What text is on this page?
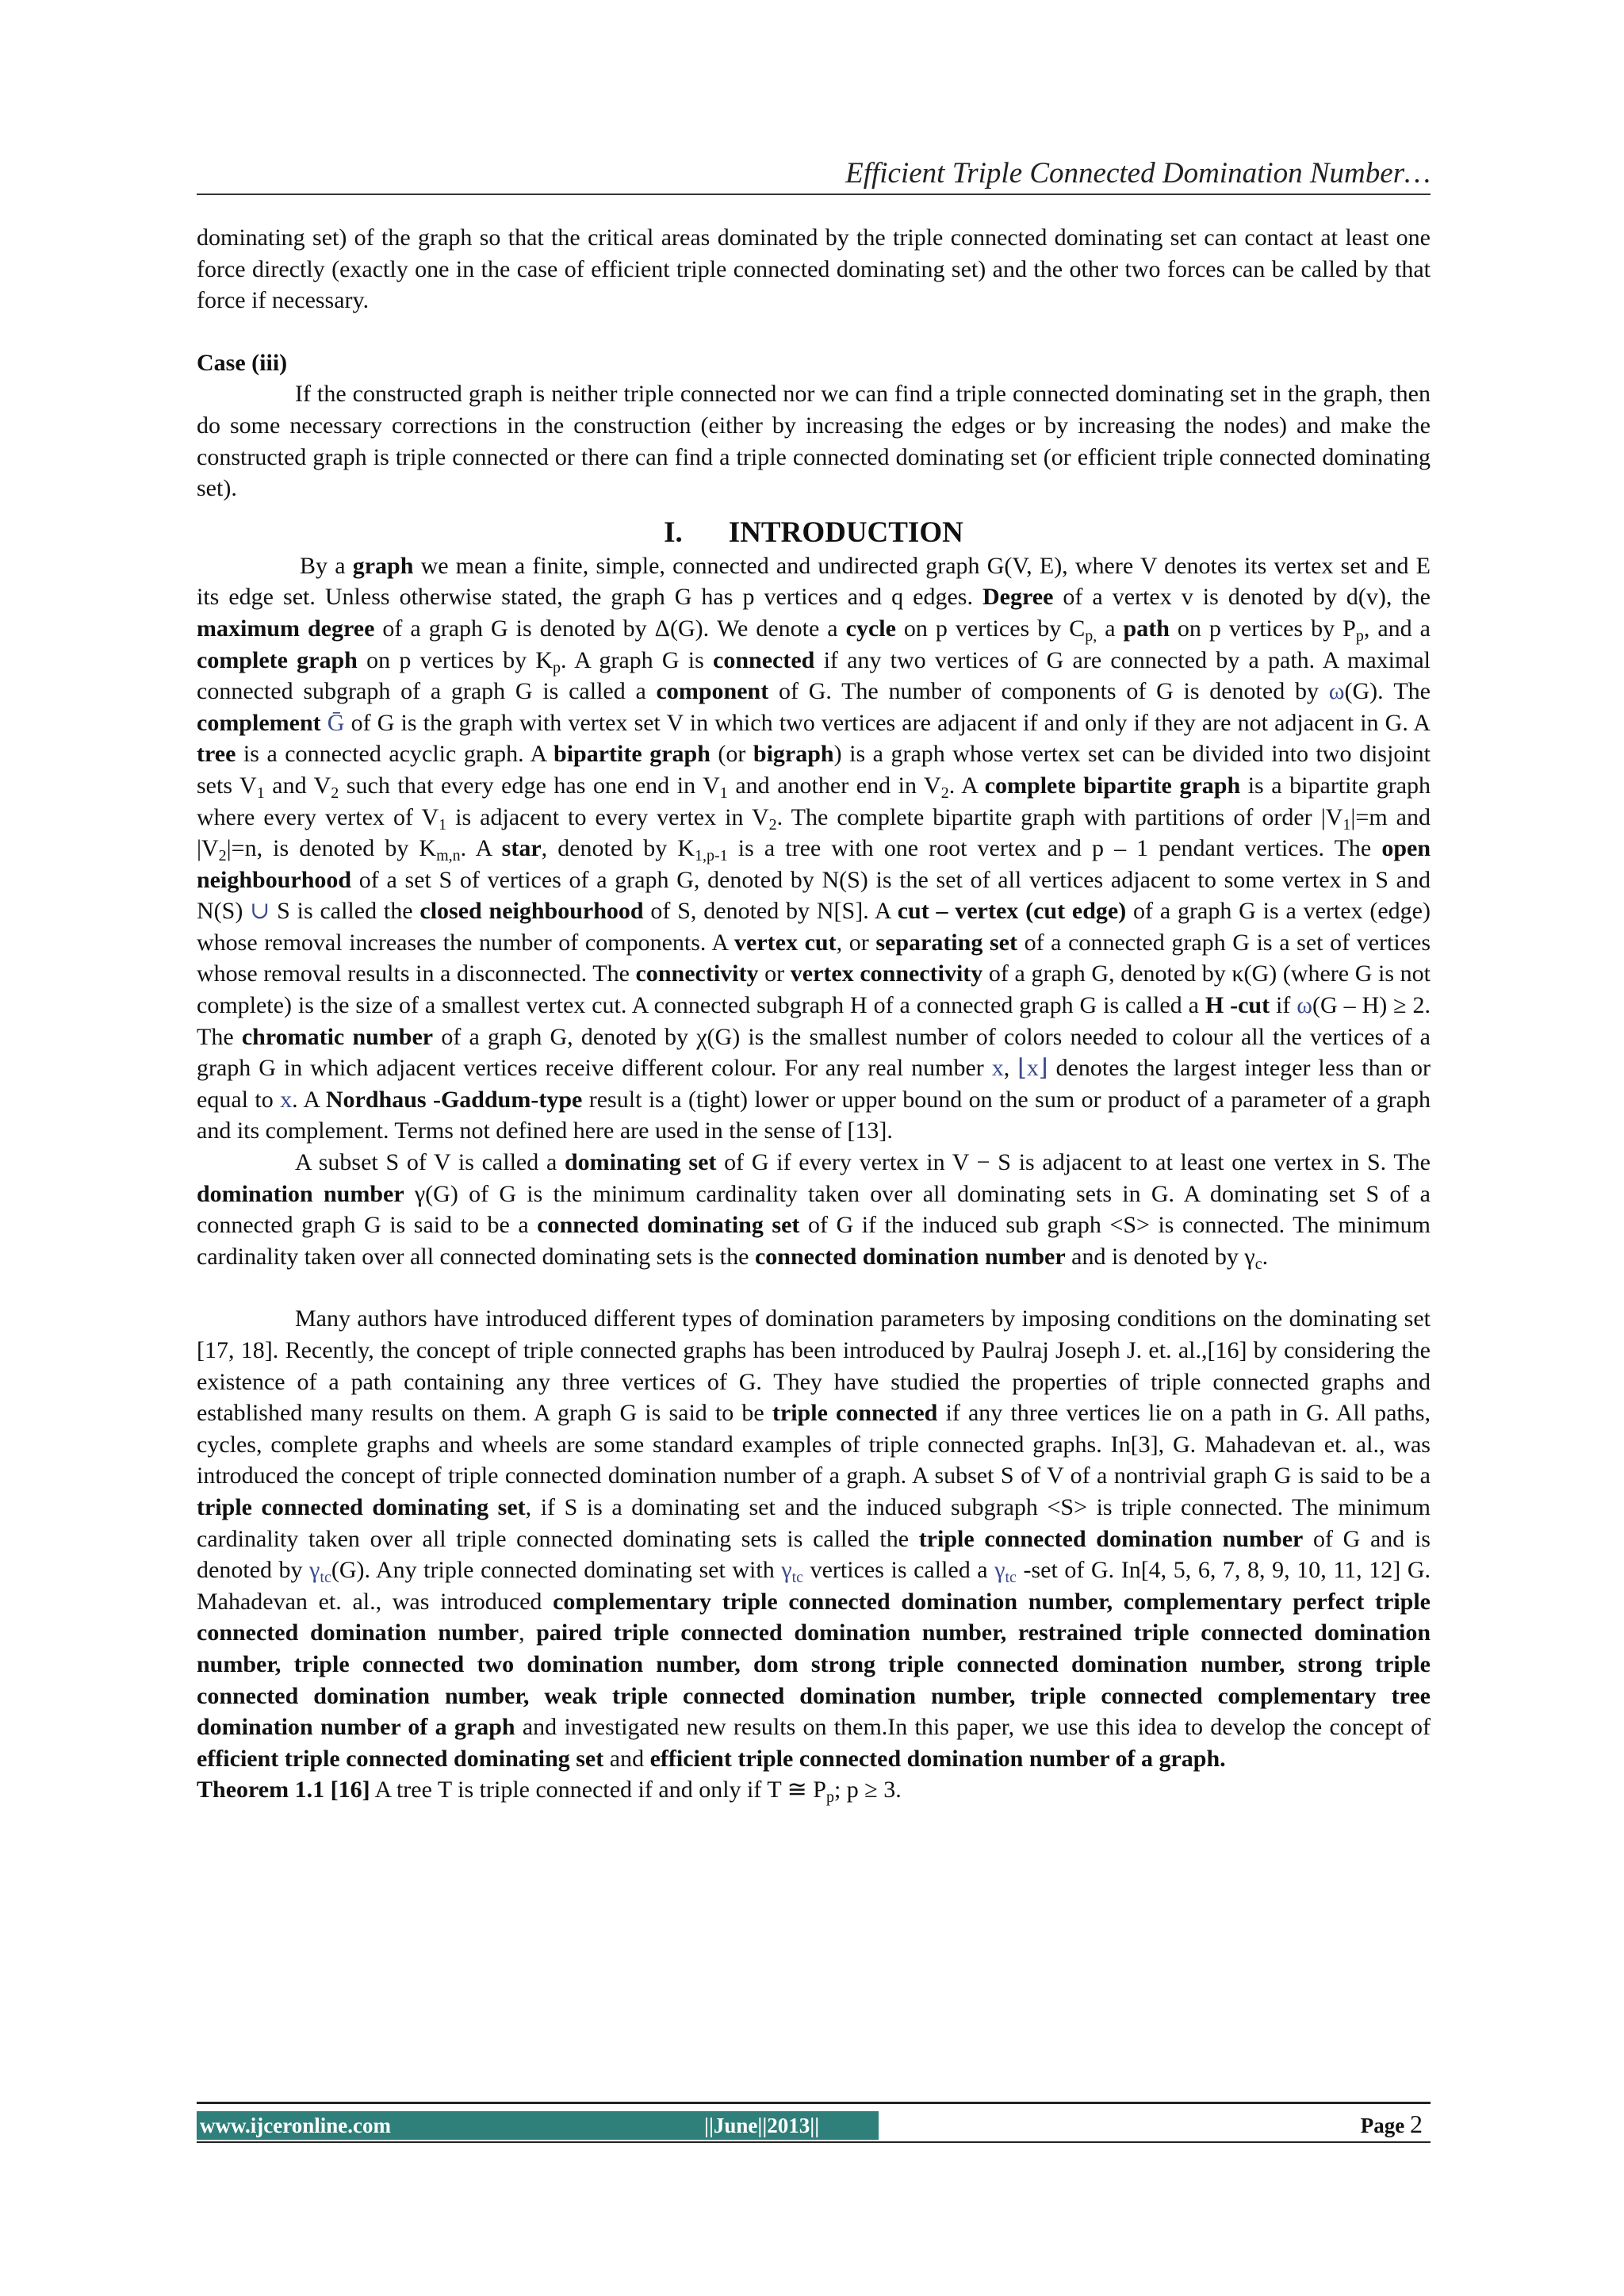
Efficient Triple Connected Domination Number…

dominating set) of the graph so that the critical areas dominated by the triple connected dominating set can contact at least one force directly (exactly one in the case of efficient triple connected dominating set) and the other two forces can be called by that force if necessary.

Case (iii)

If the constructed graph is neither triple connected nor we can find a triple connected dominating set in the graph, then do some necessary corrections in the construction (either by increasing the edges or by increasing the nodes) and make the constructed graph is triple connected or there can find a triple connected dominating set (or efficient triple connected dominating set).

I. INTRODUCTION

By a graph we mean a finite, simple, connected and undirected graph G(V, E), where V denotes its vertex set and E its edge set. Unless otherwise stated, the graph G has p vertices and q edges. Degree of a vertex v is denoted by d(v), the maximum degree of a graph G is denoted by Δ(G). We denote a cycle on p vertices by $C_{p,}$ a path on p vertices by $P_p$, and a complete graph on p vertices by $K_p$. A graph G is connected if any two vertices of G are connected by a path. A maximal connected subgraph of a graph G is called a component of G. The number of components of G is denoted by ω(G). The complement Ḡ of G is the graph with vertex set V in which two vertices are adjacent if and only if they are not adjacent in G. A tree is a connected acyclic graph. A bipartite graph (or bigraph) is a graph whose vertex set can be divided into two disjoint sets $V_1$ and $V_2$ such that every edge has one end in $V_1$ and another end in $V_2$. A complete bipartite graph is a bipartite graph where every vertex of $V_1$ is adjacent to every vertex in $V_2$. The complete bipartite graph with partitions of order $|V_1|=m$ and $|V_2|=n$, is denoted by $K_{m,n}$. A star, denoted by $K_{1,p-1}$ is a tree with one root vertex and p – 1 pendant vertices. The open neighbourhood of a set S of vertices of a graph G, denoted by N(S) is the set of all vertices adjacent to some vertex in S and N(S) ∪ S is called the closed neighbourhood of S, denoted by N[S]. A cut – vertex (cut edge) of a graph G is a vertex (edge) whose removal increases the number of components. A vertex cut, or separating set of a connected graph G is a set of vertices whose removal results in a disconnected. The connectivity or vertex connectivity of a graph G, denoted by κ(G) (where G is not complete) is the size of a smallest vertex cut. A connected subgraph H of a connected graph G is called a H -cut if ω(G – H) ≥ 2. The chromatic number of a graph G, denoted by χ(G) is the smallest number of colors needed to colour all the vertices of a graph G in which adjacent vertices receive different colour. For any real number x, ⌊x⌋ denotes the largest integer less than or equal to x. A Nordhaus -Gaddum-type result is a (tight) lower or upper bound on the sum or product of a parameter of a graph and its complement. Terms not defined here are used in the sense of [13].

A subset S of V is called a dominating set of G if every vertex in V − S is adjacent to at least one vertex in S. The domination number γ(G) of G is the minimum cardinality taken over all dominating sets in G. A dominating set S of a connected graph G is said to be a connected dominating set of G if the induced sub graph <S> is connected. The minimum cardinality taken over all connected dominating sets is the connected domination number and is denoted by $\gamma_c$.

Many authors have introduced different types of domination parameters by imposing conditions on the dominating set [17, 18]. Recently, the concept of triple connected graphs has been introduced by Paulraj Joseph J. et. al.,[16] by considering the existence of a path containing any three vertices of G. They have studied the properties of triple connected graphs and established many results on them. A graph G is said to be triple connected if any three vertices lie on a path in G. All paths, cycles, complete graphs and wheels are some standard examples of triple connected graphs. In[3], G. Mahadevan et. al., was introduced the concept of triple connected domination number of a graph. A subset S of V of a nontrivial graph G is said to be a triple connected dominating set, if S is a dominating set and the induced subgraph <S> is triple connected. The minimum cardinality taken over all triple connected dominating sets is called the triple connected domination number of G and is denoted by $\gamma_{tc}(G)$. Any triple connected dominating set with $\gamma_{tc}$ vertices is called a $\gamma_{tc}$ -set of G. In[4, 5, 6, 7, 8, 9, 10, 11, 12] G. Mahadevan et. al., was introduced complementary triple connected domination number, complementary perfect triple connected domination number, paired triple connected domination number, restrained triple connected domination number, triple connected two domination number, dom strong triple connected domination number, strong triple connected domination number, weak triple connected domination number, triple connected complementary tree domination number of a graph and investigated new results on them.In this paper, we use this idea to develop the concept of efficient triple connected dominating set and efficient triple connected domination number of a graph.

Theorem 1.1 [16] A tree T is triple connected if and only if T ≅ $P_p$; p ≥ 3.

www.ijceronline.com	||June||2013||	Page 2
